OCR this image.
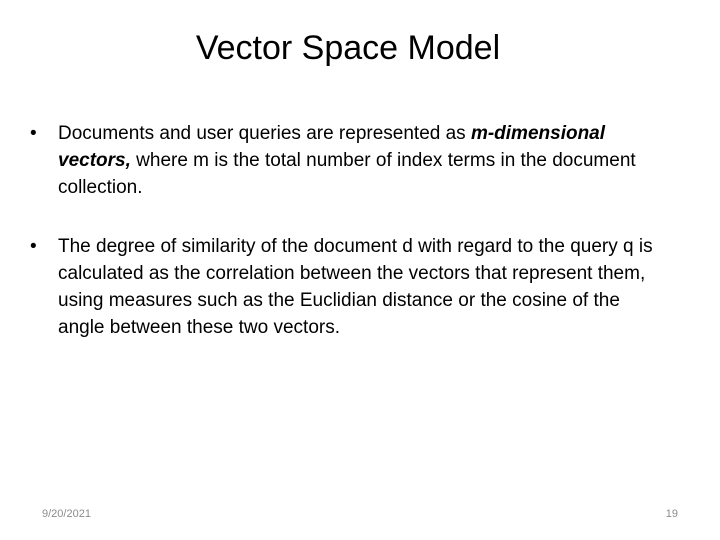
Vector Space Model
•	Documents and user queries are represented as m-dimensional vectors, where m is the total number of index terms in the document collection.
•	The degree of similarity of the document d with regard to the query q is calculated as the correlation between the vectors that represent them, using measures such as the Euclidian distance or the cosine of the angle between these two vectors.
9/20/2021	19
